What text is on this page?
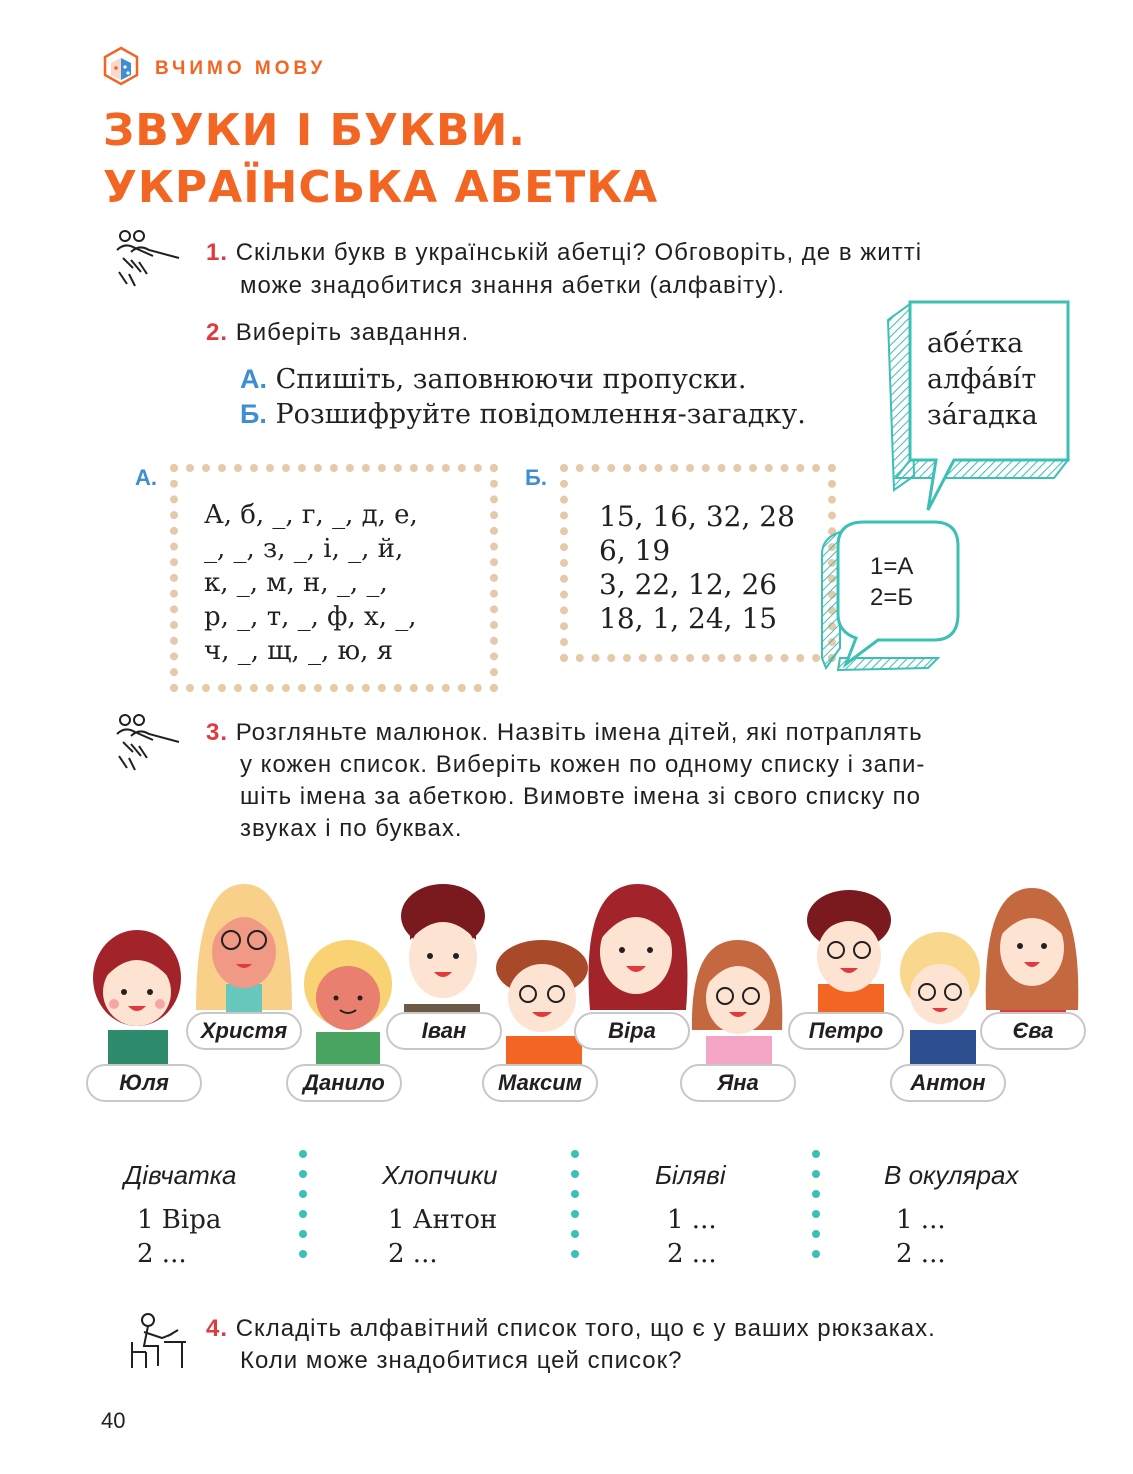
ВЧИМО МОВУ
ЗВУКИ І БУКВИ.
УКРАЇНСЬКА АБЕТКА
1. Скільки букв в українській абетці? Обговоріть, де в житті
може знадобитися знання абетки (алфавіту).
2. Виберіть завдання.
А. Спишіть, заповнюючи пропуски.
Б. Розшифруйте повідомлення-загадку.
абе́тка
алфа́ві́т
за́гадка
А.
А, б, _, г, _, д, е,
_, _, з, _, і, _, й,
к, _, м, н, _, _,
р, _, т, _, ф, х, _,
ч, _, щ, _, ю, я
Б.
15, 16, 32, 28
6, 19
3, 22, 12, 26
18, 1, 24, 15
1=А
2=Б
3. Розгляньте малюнок. Назвіть імена дітей, які потраплять
у кожен список. Виберіть кожен по одному списку і запи-
шіть імена за абеткою. Вимовте імена зі свого списку по
звуках і по буквах.
Юля
Христя
Данило
Іван
Максим
Віра
Яна
Петро
Антон
Єва
Дівчатка
1 Віра
2 ...
Хлопчики
1 Антон
2 ...
Біляві
1 ...
2 ...
В окулярах
1 ...
2 ...
4. Складіть алфавітний список того, що є у ваших рюкзаках.
Коли може знадобитися цей список?
40
